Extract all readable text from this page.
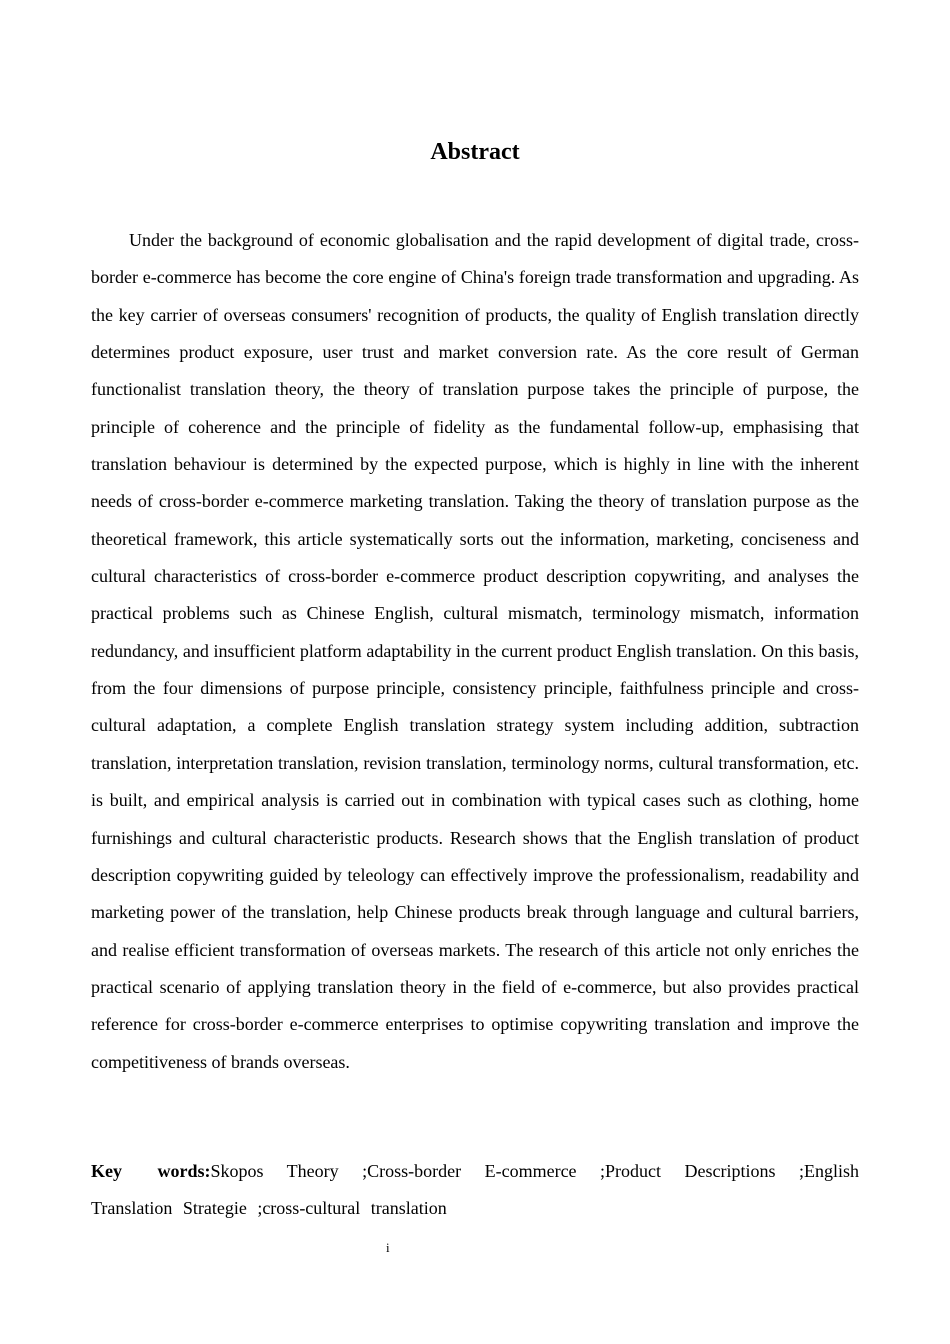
Abstract

Under the background of economic globalisation and the rapid development of digital trade, cross-border e-commerce has become the core engine of China's foreign trade transformation and upgrading. As the key carrier of overseas consumers' recognition of products, the quality of English translation directly determines product exposure, user trust and market conversion rate. As the core result of German functionalist translation theory, the theory of translation purpose takes the principle of purpose, the principle of coherence and the principle of fidelity as the fundamental follow-up, emphasising that translation behaviour is determined by the expected purpose, which is highly in line with the inherent needs of cross-border e-commerce marketing translation. Taking the theory of translation purpose as the theoretical framework, this article systematically sorts out the information, marketing, conciseness and cultural characteristics of cross-border e-commerce product description copywriting, and analyses the practical problems such as Chinese English, cultural mismatch, terminology mismatch, information redundancy, and insufficient platform adaptability in the current product English translation. On this basis, from the four dimensions of purpose principle, consistency principle, faithfulness principle and cross-cultural adaptation, a complete English translation strategy system including addition, subtraction translation, interpretation translation, revision translation, terminology norms, cultural transformation, etc. is built, and empirical analysis is carried out in combination with typical cases such as clothing, home furnishings and cultural characteristic products. Research shows that the English translation of product description copywriting guided by teleology can effectively improve the professionalism, readability and marketing power of the translation, help Chinese products break through language and cultural barriers, and realise efficient transformation of overseas markets. The research of this article not only enriches the practical scenario of applying translation theory in the field of e-commerce, but also provides practical reference for cross-border e-commerce enterprises to optimise copywriting translation and improve the competitiveness of brands overseas.

Key words:Skopos Theory ;Cross-border E-commerce ;Product Descriptions ;English Translation Strategie ;cross-cultural translation

i
